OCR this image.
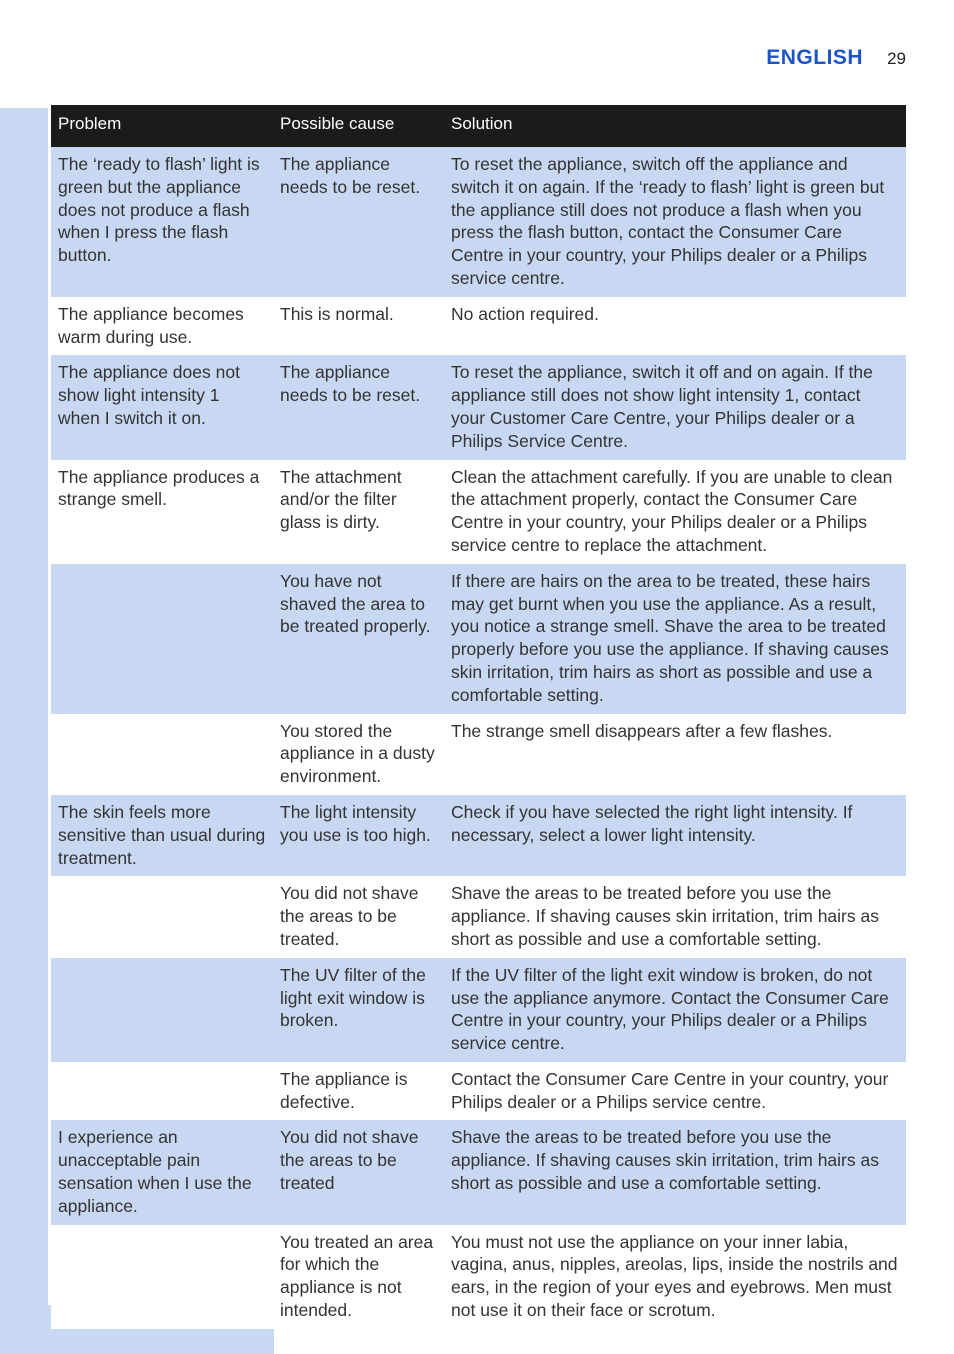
ENGLISH 29
Problem	Possible cause	Solution
The ‘ready to flash’ light is green but the appliance does not produce a flash when I press the flash button.	The appliance needs to be reset.	To reset the appliance, switch off the appliance and switch it on again. If the ‘ready to flash’ light is green but the appliance still does not produce a flash when you press the flash button, contact the Consumer Care Centre in your country, your Philips dealer or a Philips service centre.
The appliance becomes warm during use.	This is normal.	No action required.
The appliance does not show light intensity 1 when I switch it on.	The appliance needs to be reset.	To reset the appliance, switch it off and on again. If the appliance still does not show light intensity 1, contact your Customer Care Centre, your Philips dealer or a Philips Service Centre.
The appliance produces a strange smell.	The attachment and/or the filter glass is dirty.	Clean the attachment carefully. If you are unable to clean the attachment properly, contact the Consumer Care Centre in your country, your Philips dealer or a Philips service centre to replace the attachment.
	You have not shaved the area to be treated properly.	If there are hairs on the area to be treated, these hairs may get burnt when you use the appliance. As a result, you notice a strange smell. Shave the area to be treated properly before you use the appliance. If shaving causes skin irritation, trim hairs as short as possible and use a comfortable setting.
	You stored the appliance in a dusty environment.	The strange smell disappears after a few flashes.
The skin feels more sensitive than usual during treatment.	The light intensity you use is too high.	Check if you have selected the right light intensity. If necessary, select a lower light intensity.
	You did not shave the areas to be treated.	Shave the areas to be treated before you use the appliance. If shaving causes skin irritation, trim hairs as short as possible and use a comfortable setting.
	The UV filter of the light exit window is broken.	If the UV filter of the light exit window is broken, do not use the appliance anymore. Contact the Consumer Care Centre in your country, your Philips dealer or a Philips service centre.
	The appliance is defective.	Contact the Consumer Care Centre in your country, your Philips dealer or a Philips service centre.
I experience an unacceptable pain sensation when I use the appliance.	You did not shave the areas to be treated	Shave the areas to be treated before you use the appliance. If shaving causes skin irritation, trim hairs as short as possible and use a comfortable setting.
	You treated an area for which the appliance is not intended.	You must not use the appliance on your inner labia, vagina, anus, nipples, areolas, lips, inside the nostrils and ears, in the region of your eyes and eyebrows. Men must not use it on their face or scrotum.
